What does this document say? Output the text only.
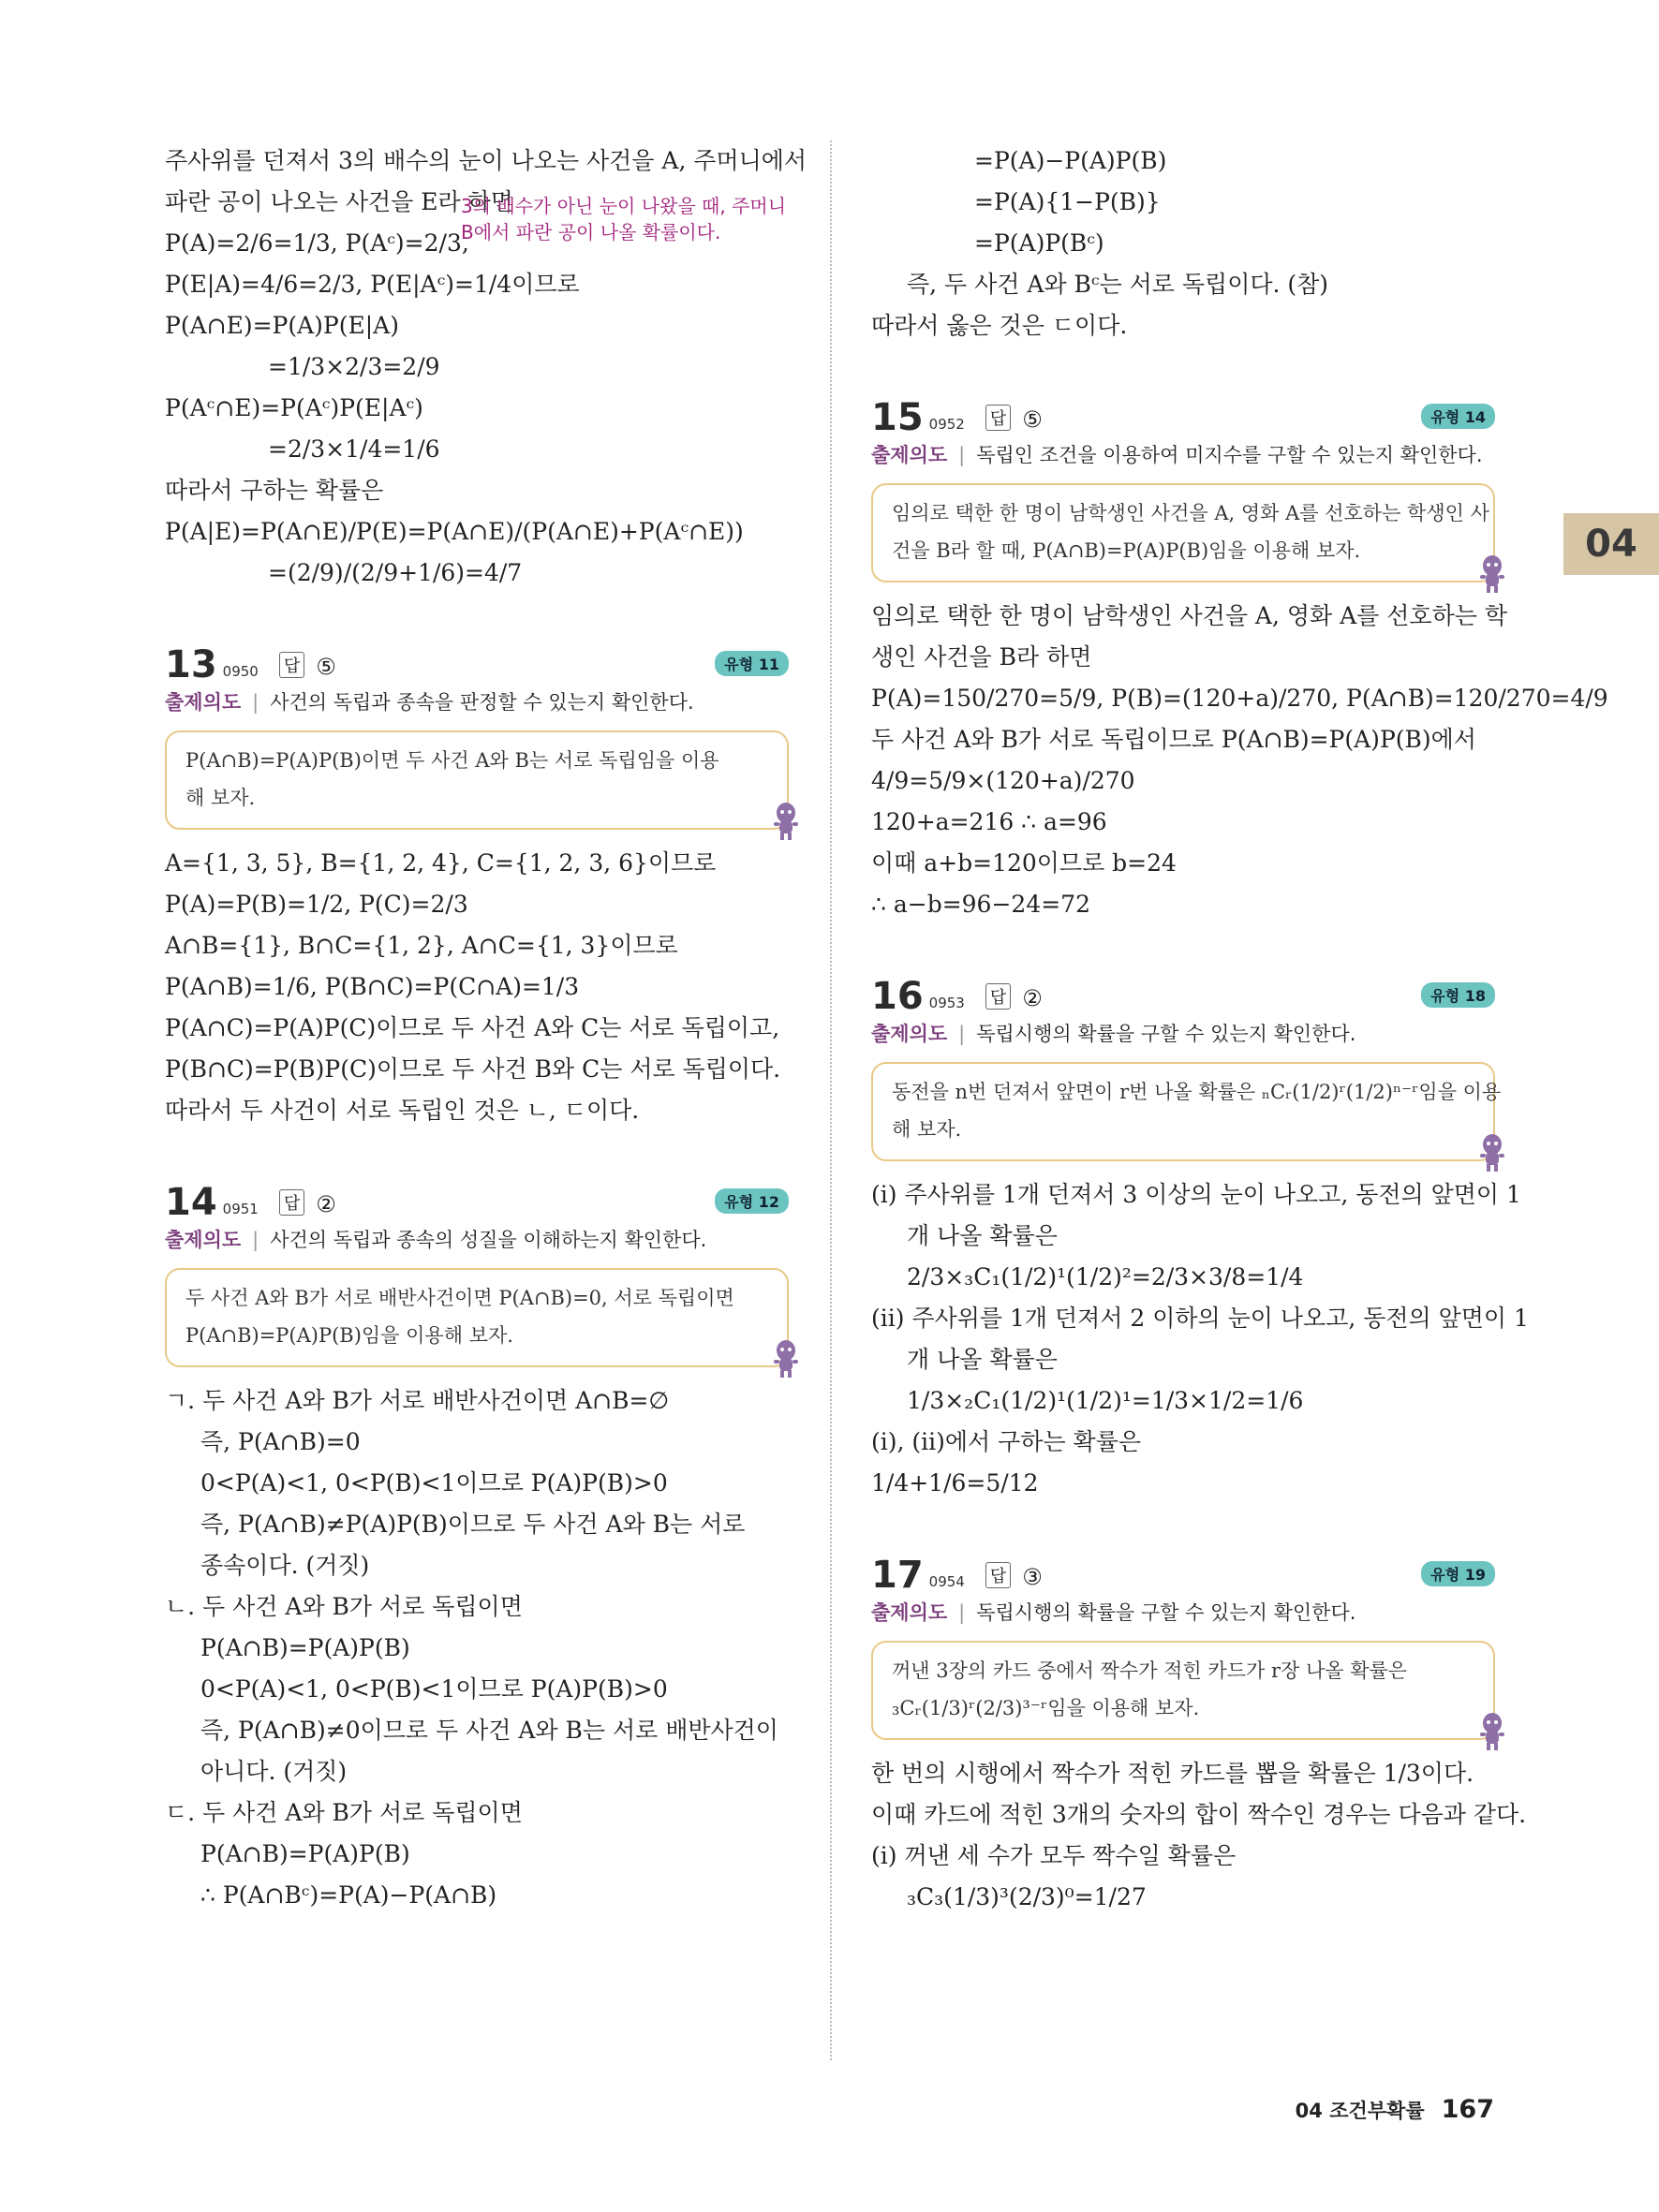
주사위를 던져서 3의 배수의 눈이 나오는 사건을 A, 주머니에서
파란 공이 나오는 사건을 E라 하면
P(A)=2/6=1/3, P(Aᶜ)=2/3,
P(E|A)=4/6=2/3, P(E|Aᶜ)=1/4이므로
P(A∩E)=P(A)P(E|A)
=1/3×2/3=2/9
P(Aᶜ∩E)=P(Aᶜ)P(E|Aᶜ)
=2/3×1/4=1/6
따라서 구하는 확률은
P(A|E)=P(A∩E)/P(E)=P(A∩E)/(P(A∩E)+P(Aᶜ∩E))
=(2/9)/(2/9+1/6)=4/7
13 0950 답 ⑤	유형 11
출제의도 | 사건의 독립과 종속을 판정할 수 있는지 확인한다.
P(A∩B)=P(A)P(B)이면 두 사건 A와 B는 서로 독립임을 이용
해 보자.
A={1, 3, 5}, B={1, 2, 4}, C={1, 2, 3, 6}이므로
P(A)=P(B)=1/2, P(C)=2/3
A∩B={1}, B∩C={1, 2}, A∩C={1, 3}이므로
P(A∩B)=1/6, P(B∩C)=P(C∩A)=1/3
P(A∩C)=P(A)P(C)이므로 두 사건 A와 C는 서로 독립이고,
P(B∩C)=P(B)P(C)이므로 두 사건 B와 C는 서로 독립이다.
따라서 두 사건이 서로 독립인 것은 ㄴ, ㄷ이다.
14 0951 답 ②	유형 12
출제의도 | 사건의 독립과 종속의 성질을 이해하는지 확인한다.
두 사건 A와 B가 서로 배반사건이면 P(A∩B)=0, 서로 독립이면
P(A∩B)=P(A)P(B)임을 이용해 보자.
ㄱ. 두 사건 A와 B가 서로 배반사건이면 A∩B=∅
즉, P(A∩B)=0
0<P(A)<1, 0<P(B)<1이므로 P(A)P(B)>0
즉, P(A∩B)≠P(A)P(B)이므로 두 사건 A와 B는 서로
종속이다. (거짓)
ㄴ. 두 사건 A와 B가 서로 독립이면
P(A∩B)=P(A)P(B)
0<P(A)<1, 0<P(B)<1이므로 P(A)P(B)>0
즉, P(A∩B)≠0이므로 두 사건 A와 B는 서로 배반사건이
아니다. (거짓)
ㄷ. 두 사건 A와 B가 서로 독립이면
P(A∩B)=P(A)P(B)
∴ P(A∩Bᶜ)=P(A)−P(A∩B)
3의 배수가 아닌 눈이 나왔을 때, 주머니 B에서 파란 공이 나올 확률이다.
=P(A)−P(A)P(B)
=P(A){1−P(B)}
=P(A)P(Bᶜ)
즉, 두 사건 A와 Bᶜ는 서로 독립이다. (참)
따라서 옳은 것은 ㄷ이다.
15 0952 답 ⑤	유형 14
출제의도 | 독립인 조건을 이용하여 미지수를 구할 수 있는지 확인한다.
임의로 택한 한 명이 남학생인 사건을 A, 영화 A를 선호하는 학생인 사
건을 B라 할 때, P(A∩B)=P(A)P(B)임을 이용해 보자.
임의로 택한 한 명이 남학생인 사건을 A, 영화 A를 선호하는 학
생인 사건을 B라 하면
P(A)=150/270=5/9, P(B)=(120+a)/270, P(A∩B)=120/270=4/9
두 사건 A와 B가 서로 독립이므로 P(A∩B)=P(A)P(B)에서
4/9=5/9×(120+a)/270
120+a=216 ∴ a=96
이때 a+b=120이므로 b=24
∴ a−b=96−24=72
16 0953 답 ②	유형 18
출제의도 | 독립시행의 확률을 구할 수 있는지 확인한다.
동전을 n번 던져서 앞면이 r번 나올 확률은 ₙCᵣ(1/2)ʳ(1/2)ⁿ⁻ʳ임을 이용
해 보자.
(i) 주사위를 1개 던져서 3 이상의 눈이 나오고, 동전의 앞면이 1
개 나올 확률은
2/3×₃C₁(1/2)¹(1/2)²=2/3×3/8=1/4
(ii) 주사위를 1개 던져서 2 이하의 눈이 나오고, 동전의 앞면이 1
개 나올 확률은
1/3×₂C₁(1/2)¹(1/2)¹=1/3×1/2=1/6
(i), (ii)에서 구하는 확률은
1/4+1/6=5/12
17 0954 답 ③	유형 19
출제의도 | 독립시행의 확률을 구할 수 있는지 확인한다.
꺼낸 3장의 카드 중에서 짝수가 적힌 카드가 r장 나올 확률은
₃Cᵣ(1/3)ʳ(2/3)³⁻ʳ임을 이용해 보자.
한 번의 시행에서 짝수가 적힌 카드를 뽑을 확률은 1/3이다.
이때 카드에 적힌 3개의 숫자의 합이 짝수인 경우는 다음과 같다.
(i) 꺼낸 세 수가 모두 짝수일 확률은
₃C₃(1/3)³(2/3)⁰=1/27
04
04 조건부확률 167
